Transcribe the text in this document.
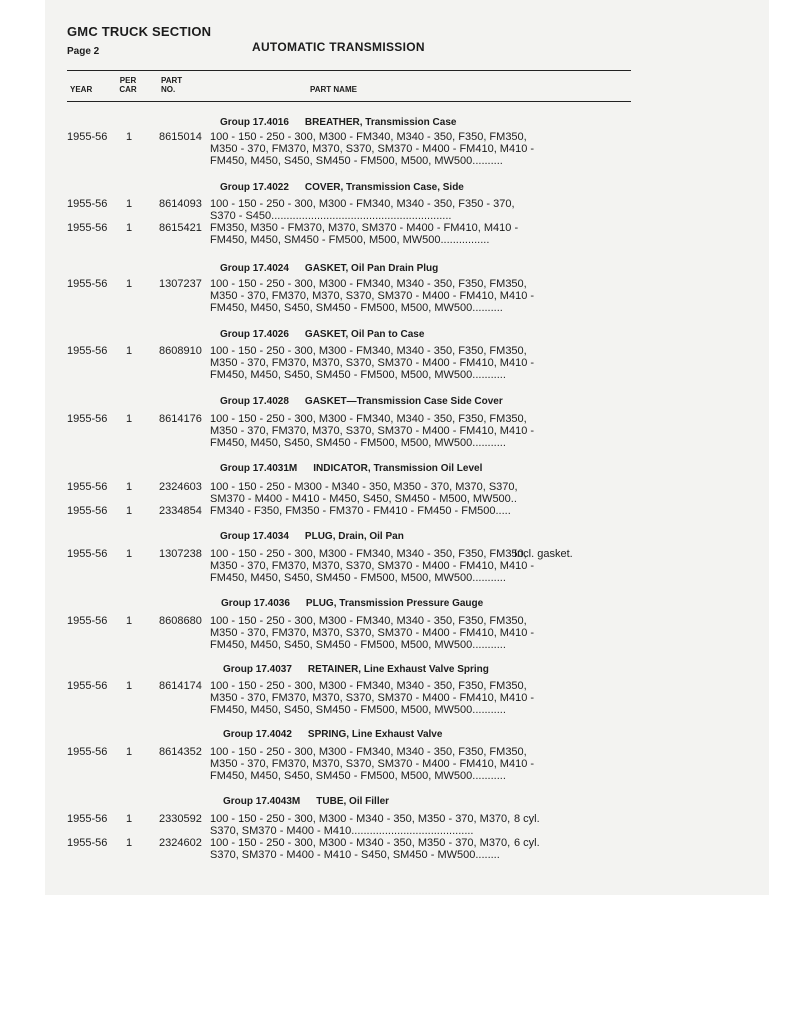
GMC TRUCK SECTION
Page 2	AUTOMATIC TRANSMISSION
YEAR
PER
CAR
PART
NO.	PART NAME
Group 17.4016 BREATHER, Transmission Case
1955-56 1 8615014 100 - 150 - 250 - 300, M300 - FM340, M340 - 350, F350, FM350,
M350 - 370, FM370, M370, S370, SM370 - M400 - FM410, M410 -
FM450, M450, S450, SM450 - FM500, M500, MW500..........
Group 17.4022 COVER, Transmission Case, Side
1955-56 1 8614093 100 - 150 - 250 - 300, M300 - FM340, M340 - 350, F350 - 370,
S370 - S450...........................................................
1955-56 1 8615421 FM350, M350 - FM370, M370, SM370 - M400 - FM410, M410 -
FM450, M450, SM450 - FM500, M500, MW500................
Group 17.4024 GASKET, Oil Pan Drain Plug
1955-56 1 1307237 100 - 150 - 250 - 300, M300 - FM340, M340 - 350, F350, FM350,
M350 - 370, FM370, M370, S370, SM370 - M400 - FM410, M410 -
FM450, M450, S450, SM450 - FM500, M500, MW500..........
Group 17.4026 GASKET, Oil Pan to Case
1955-56 1 8608910 100 - 150 - 250 - 300, M300 - FM340, M340 - 350, F350, FM350,
M350 - 370, FM370, M370, S370, SM370 - M400 - FM410, M410 -
FM450, M450, S450, SM450 - FM500, M500, MW500...........
Group 17.4028 GASKET—Transmission Case Side Cover
1955-56 1 8614176 100 - 150 - 250 - 300, M300 - FM340, M340 - 350, F350, FM350,
M350 - 370, FM370, M370, S370, SM370 - M400 - FM410, M410 -
FM450, M450, S450, SM450 - FM500, M500, MW500...........
Group 17.4031M INDICATOR, Transmission Oil Level
1955-56 1 2324603 100 - 150 - 250 - M300 - M340 - 350, M350 - 370, M370, S370,
SM370 - M400 - M410 - M450, S450, SM450 - M500, MW500..
1955-56 1 2334854 FM340 - F350, FM350 - FM370 - FM410 - FM450 - FM500.....
Group 17.4034 PLUG, Drain, Oil Pan
1955-56 1 1307238 100 - 150 - 250 - 300, M300 - FM340, M340 - 350, F350, FM350,
M350 - 370, FM370, M370, S370, SM370 - M400 - FM410, M410 -
FM450, M450, S450, SM450 - FM500, M500, MW500...........
Incl. gasket.
Group 17.4036 PLUG, Transmission Pressure Gauge
1955-56 1 8608680 100 - 150 - 250 - 300, M300 - FM340, M340 - 350, F350, FM350,
M350 - 370, FM370, M370, S370, SM370 - M400 - FM410, M410 -
FM450, M450, S450, SM450 - FM500, M500, MW500...........
Group 17.4037 RETAINER, Line Exhaust Valve Spring
1955-56 1 8614174 100 - 150 - 250 - 300, M300 - FM340, M340 - 350, F350, FM350,
M350 - 370, FM370, M370, S370, SM370 - M400 - FM410, M410 -
FM450, M450, S450, SM450 - FM500, M500, MW500...........
Group 17.4042 SPRING, Line Exhaust Valve
1955-56 1 8614352 100 - 150 - 250 - 300, M300 - FM340, M340 - 350, F350, FM350,
M350 - 370, FM370, M370, S370, SM370 - M400 - FM410, M410 -
FM450, M450, S450, SM450 - FM500, M500, MW500...........
Group 17.4043M TUBE, Oil Filler
1955-56 1 2330592 100 - 150 - 250 - 300, M300 - M340 - 350, M350 - 370, M370,
S370, SM370 - M400 - M410........................................
8 cyl.
1955-56 1 2324602 100 - 150 - 250 - 300, M300 - M340 - 350, M350 - 370, M370,
S370, SM370 - M400 - M410 - S450, SM450 - MW500........
6 cyl.
